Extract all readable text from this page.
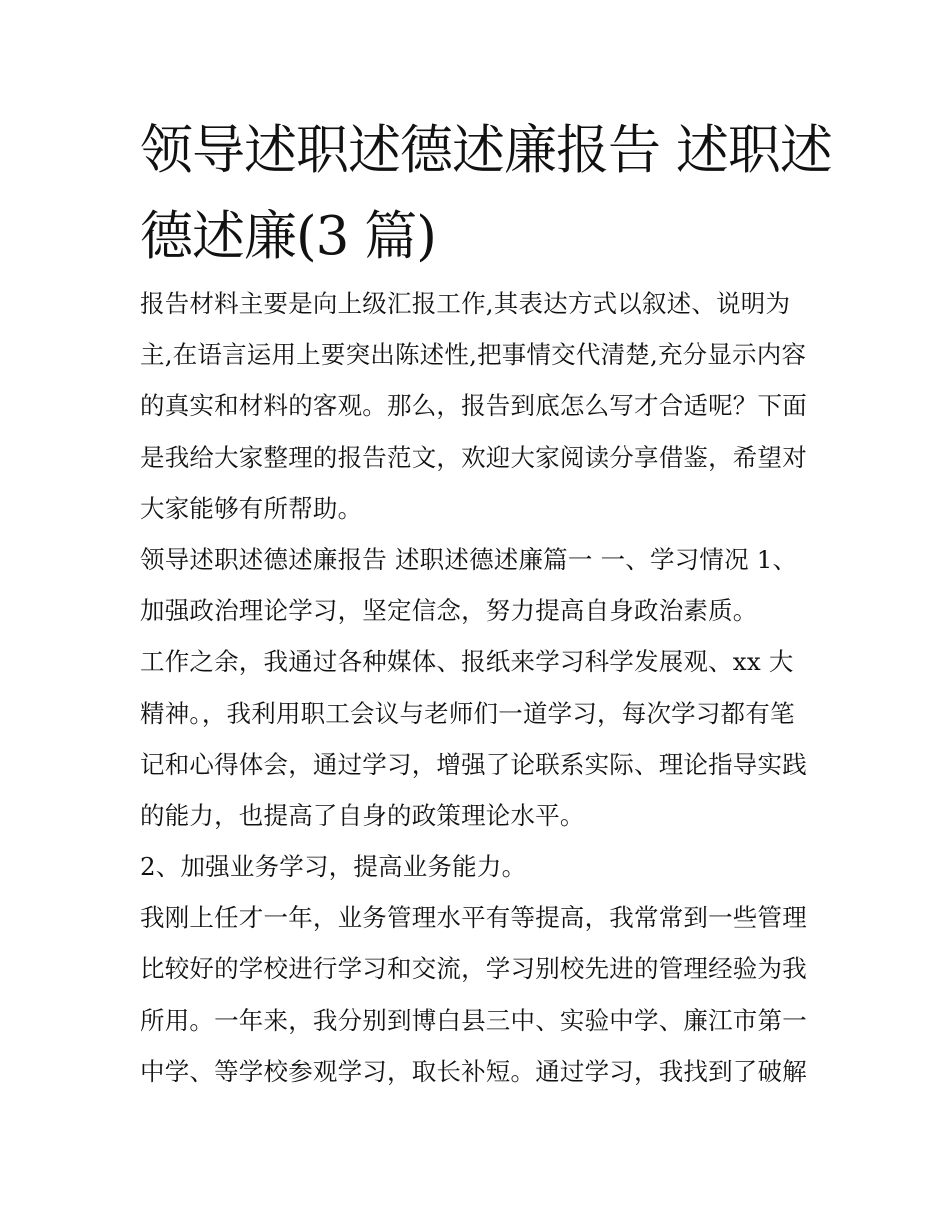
领导述职述德述廉报告 述职述
德述廉(3 篇)
报告材料主要是向上级汇报工作,其表达方式以叙述、说明为
主,在语言运用上要突出陈述性,把事情交代清楚,充分显示内容
的真实和材料的客观。那么，报告到底怎么写才合适呢？下面
是我给大家整理的报告范文，欢迎大家阅读分享借鉴，希望对
大家能够有所帮助。
领导述职述德述廉报告 述职述德述廉篇一 一、学习情况 1、
加强政治理论学习，坚定信念，努力提高自身政治素质。
工作之余，我通过各种媒体、报纸来学习科学发展观、xx 大
精神。，我利用职工会议与老师们一道学习，每次学习都有笔
记和心得体会，通过学习，增强了论联系实际、理论指导实践
的能力，也提高了自身的政策理论水平。
2、加强业务学习，提高业务能力。
我刚上任才一年，业务管理水平有等提高，我常常到一些管理
比较好的学校进行学习和交流，学习别校先进的管理经验为我
所用。一年来，我分别到博白县三中、实验中学、廉江市第一
中学、等学校参观学习，取长补短。通过学习，我找到了破解
